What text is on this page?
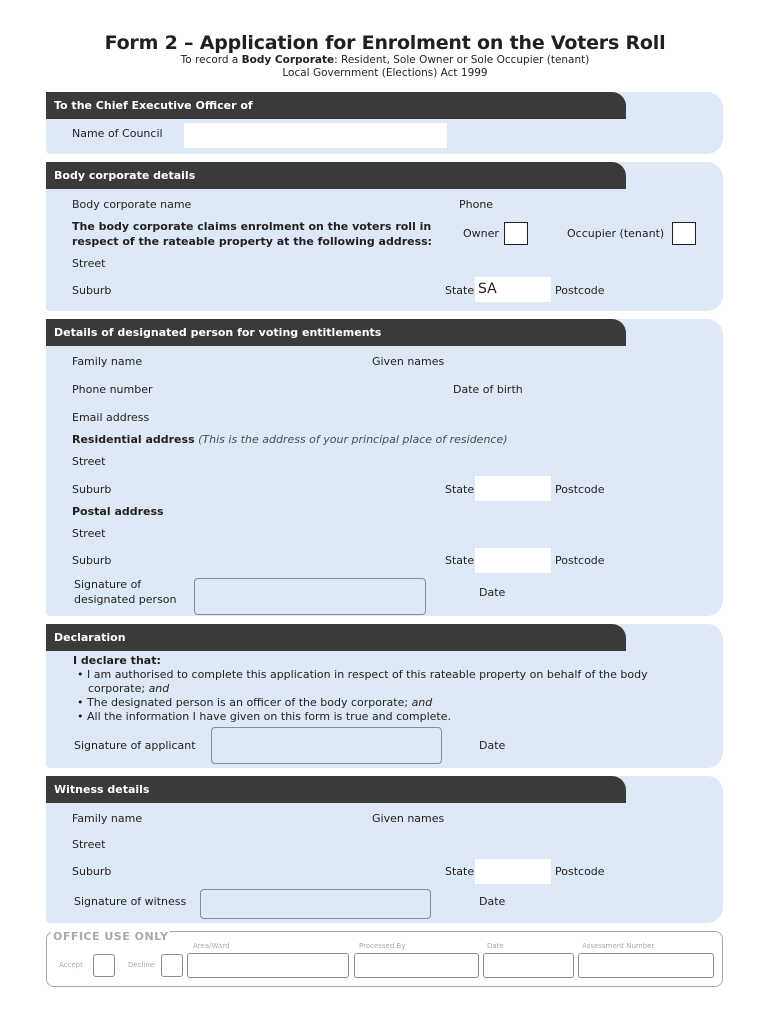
Form 2 – Application for Enrolment on the Voters Roll
To record a Body Corporate: Resident, Sole Owner or Sole Occupier (tenant)
Local Government (Elections) Act 1999
To the Chief Executive Officer of
Name of Council
Body corporate details
Body corporate name	Phone
The body corporate claims enrolment on the voters roll in
respect of the rateable property at the following address:
Owner	Occupier (tenant)
Street
Suburb	State SA	Postcode
Details of designated person for voting entitlements
Family name	Given names
Phone number	Date of birth
Email address
Residential address (This is the address of your principal place of residence)
Street
Suburb	State	Postcode
Postal address
Street
Suburb	State	Postcode
Signature of
designated person
Date
Declaration
I declare that:
• I am authorised to complete this application in respect of this rateable property on behalf of the body
corporate; and
• The designated person is an officer of the body corporate; and
• All the information I have given on this form is true and complete.
Signature of applicant	Date
Witness details
Family name	Given names
Street
Suburb	State	Postcode
Signature of witness	Date
OFFICE USE ONLY
Accept	Decline
Area/Ward	Processed By	Date	Assessment Number
